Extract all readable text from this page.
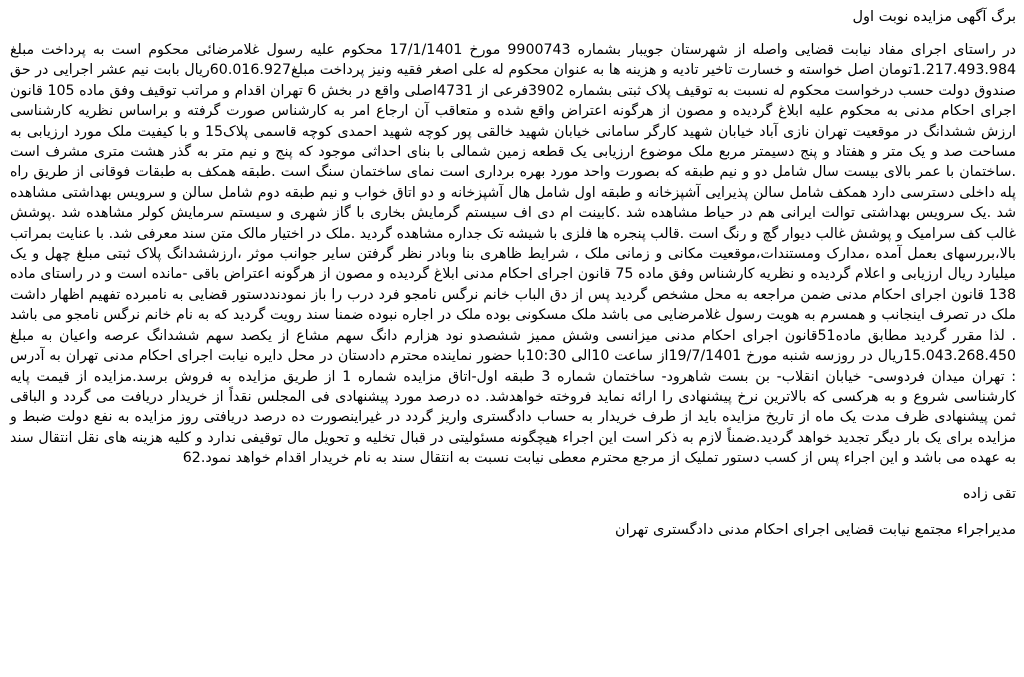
برگ آگهی مزایده نوبت اول

در راستای اجرای مفاد نیابت قضایی واصله از شهرستان جویبار بشماره 9900743 مورخ 17/1/1401 محکوم علیه رسول غلامرضائی محکوم است به پرداخت مبلغ 1.217.493.984تومان اصل خواسته و خسارت تاخیر تادیه و هزینه ها به عنوان محکوم له علی اصغر فقیه ونیز پرداخت مبلغ60.016.927ریال بابت نیم عشر اجرایی در حق صندوق دولت حسب درخواست محکوم له نسبت به توقیف پلاک ثبتی بشماره 3902فرعی از 4731اصلی واقع در بخش 6 تهران اقدام و مراتب توقیف وفق ماده 105 قانون اجرای احکام مدنی به محکوم علیه ابلاغ گردیده و مصون از هرگونه اعتراض واقع شده و متعاقب آن ارجاع امر به کارشناس صورت گرفته و براساس نظریه کارشناسی ارزش ششدانگ در موقعیت تهران نازی آباد خیابان شهید کارگر سامانی خیابان شهید خالقی پور کوچه شهید احمدی کوچه قاسمی پلاک15 و با کیفیت ملک مورد ارزیابی به مساحت صد و یک متر و هفتاد و پنج دسیمتر مربع ملک موضوع ارزیابی یک قطعه زمین شمالی با بنای احداثی موجود که پنج و نیم متر به گذر هشت متری مشرف است .ساختمان با عمر بالای بیست سال شامل دو و نیم طبقه که بصورت واحد مورد بهره برداری است نمای ساختمان سنگ است .طبقه همکف به طبقات فوقانی از طریق راه پله داخلی دسترسی دارد همکف شامل سالن پذیرایی آشپزخانه و طبقه اول شامل هال آشپزخانه و دو اتاق خواب و نیم طبقه دوم شامل سالن و سرویس بهداشتی مشاهده شد .یک سرویس بهداشتی توالت ایرانی هم در حیاط مشاهده شد .کابینت ام دی اف سیستم گرمایش بخاری با گاز شهری و سیستم سرمایش کولر مشاهده شد .پوشش غالب کف سرامیک و پوشش غالب دیوار گچ و رنگ است .قالب پنجره ها فلزی با شیشه تک جداره مشاهده گردید .ملک در اختیار مالک متن سند معرفی شد. با عنایت بمراتب بالا،بررسهای بعمل آمده ،مدارک ومستندات،موقعیت مکانی و زمانی ملک ، شرایط ظاهری بنا وبادر نظر گرفتن سایر جوانب موثر ،ارزششدانگ پلاک ثبتی مبلغ چهل و یک میلیارد ریال ارزیابی و اعلام گردیده و نظریه کارشناس وفق ماده 75 قانون اجرای احکام مدنی ابلاغ گردیده و مصون از هرگونه اعتراض باقی -مانده است و در راستای ماده 138 قانون اجرای احکام مدنی ضمن مراجعه به محل مشخص گردید پس از دق الباب خانم نرگس نامجو فرد درب را باز نمودنددستور قضایی به نامبرده تفهیم اظهار داشت ملک در تصرف اینجانب و همسرم به هویت رسول غلامرضایی می باشد ملک مسکونی بوده ملک در اجاره نبوده ضمنا سند رویت گردید که به نام خانم نرگس نامجو می باشد . لذا مقرر گردید مطابق ماده51قانون اجرای احکام مدنی میزانسی وشش ممیز ششصدو نود هزارم دانگ سهم مشاع از یکصد سهم ششدانگ عرصه واعیان به مبلغ 15.043.268.450ریال در روزسه شنبه مورخ 19/7/1401از ساعت 10الی 10:30با حضور نماینده محترم دادستان در محل دایره نیابت اجرای احکام مدنی تهران به آدرس : تهران میدان فردوسی- خیابان انقلاب- بن بست شاهرود- ساختمان شماره 3 طبقه اول-اتاق مزایده شماره 1 از طریق مزایده به فروش برسد.مزایده از قیمت پایه کارشناسی شروع و به هرکسی که بالاترین نرخ پیشنهادی را ارائه نماید فروخته خواهدشد. ده درصد مورد پیشنهادی فی المجلس نقداً از خریدار دریافت می گردد و الباقی ثمن پیشنهادی ظرف مدت یک ماه از تاریخ مزایده باید از طرف خریدار به حساب دادگستری واریز گردد در غیراینصورت ده درصد دریافتی روز مزایده به نفع دولت ضبط و مزایده برای یک بار دیگر تجدید خواهد گردید.ضمناً لازم به ذکر است این اجراء هیچگونه مسئولیتی در قبال تخلیه و تحویل مال توقیفی ندارد و کلیه هزینه های نقل انتقال سند به عهده می باشد و این اجراء پس از کسب دستور تملیک از مرجع محترم معطی نیابت نسبت به انتقال سند به نام خریدار اقدام خواهد نمود.62

تقی زاده
مدیراجراء مجتمع نیابت قضایی اجرای احکام مدنی دادگستری تهران
